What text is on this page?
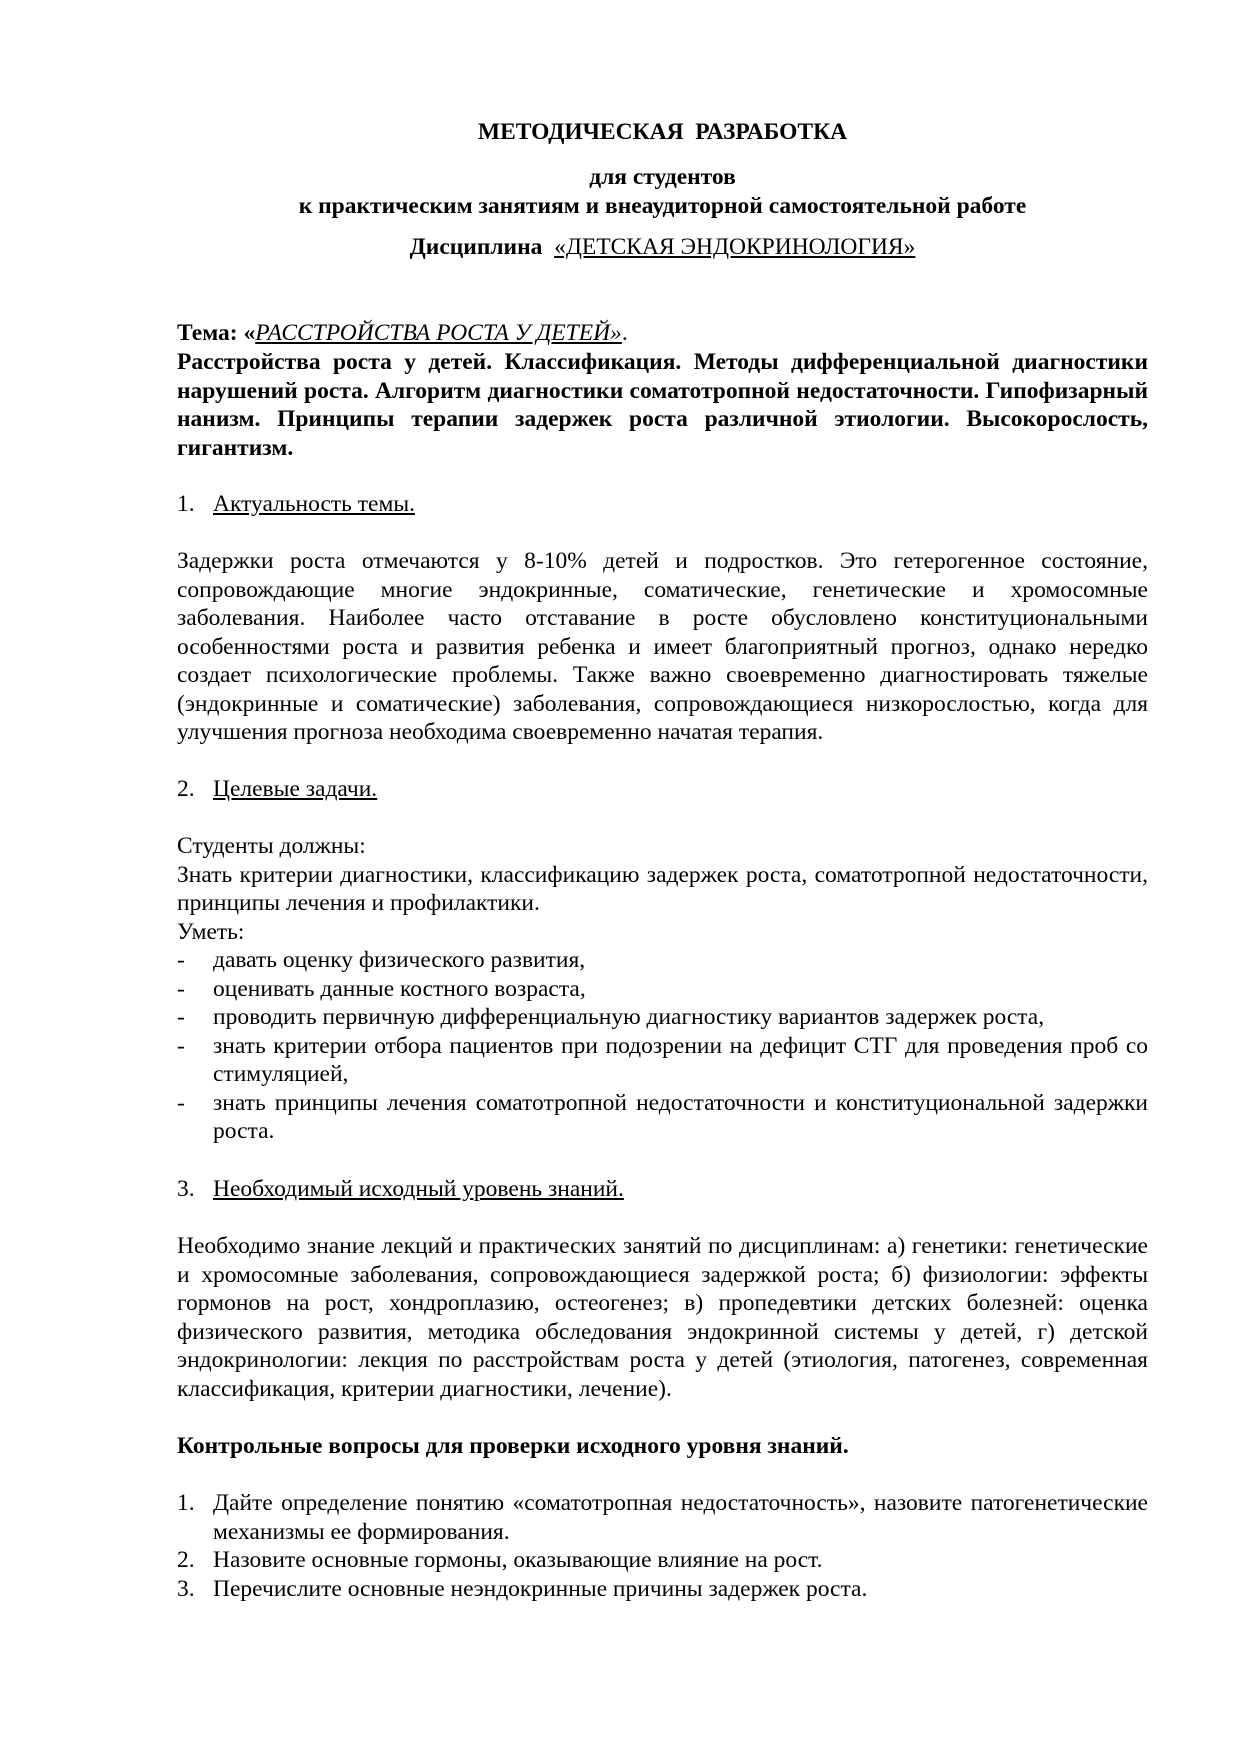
МЕТОДИЧЕСКАЯ  РАЗРАБОТКА
для студентов
к практическим занятиям и внеаудиторной самостоятельной работе
Дисциплина «ДЕТСКАЯ ЭНДОКРИНОЛОГИЯ»
Тема: «РАССТРОЙСТВА РОСТА У ДЕТЕЙ».

Расстройства роста у детей. Классификация. Методы дифференциальной диагностики нарушений роста. Алгоритм диагностики соматотропной недостаточности. Гипофизарный нанизм. Принципы терапии задержек роста различной этиологии. Высокорослость, гигантизм.

1. Актуальность темы.

Задержки роста отмечаются у 8-10% детей и подростков. Это гетерогенное состояние, сопровождающие многие эндокринные, соматические, генетические и хромосомные заболевания. Наиболее часто отставание в росте обусловлено конституциональными особенностями роста и развития ребенка и имеет благоприятный прогноз, однако нередко создает психологические проблемы. Также важно своевременно диагностировать тяжелые (эндокринные и соматические) заболевания, сопровождающиеся низкорослостью, когда для улучшения прогноза необходима своевременно начатая терапия.

2. Целевые задачи.

Студенты должны:

Знать критерии диагностики, классификацию задержек роста, соматотропной недостаточности, принципы лечения и профилактики.

Уметь:

-	давать оценку физического развития,
-	оценивать данные костного возраста,
-	проводить первичную дифференциальную диагностику вариантов задержек роста,
-	знать критерии отбора пациентов при подозрении на дефицит СТГ для проведения проб со стимуляцией,
-	знать принципы лечения соматотропной недостаточности и конституциональной задержки роста.
3. Необходимый исходный уровень знаний.

Необходимо знание лекций и практических занятий по дисциплинам: а) генетики: генетические и хромосомные заболевания, сопровождающиеся задержкой роста; б) физиологии: эффекты гормонов на рост, хондроплазию, остеогенез; в) пропедевтики детских болезней: оценка физического развития, методика обследования эндокринной системы у детей, г) детской эндокринологии: лекция по расстройствам роста у детей (этиология, патогенез, современная классификация, критерии диагностики, лечение).

Контрольные вопросы для проверки исходного уровня знаний.

1. Дайте определение понятию «соматотропная недостаточность», назовите патогенетические механизмы ее формирования.
2. Назовите основные гормоны, оказывающие влияние на рост.
3. Перечислите основные неэндокринные причины задержек роста.
